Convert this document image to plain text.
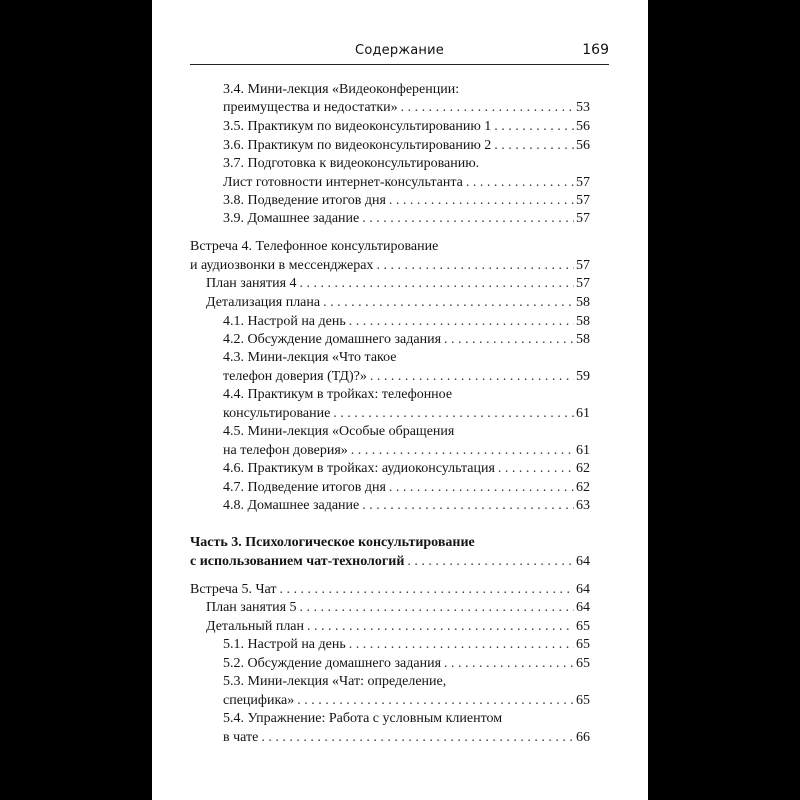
Содержание	169
3.4. Мини-лекция «Видеоконференции:
преимущества и недостатки» . . .	53
3.5. Практикум по видеоконсультированию 1 . . .	56
3.6. Практикум по видеоконсультированию 2 . . .	56
3.7. Подготовка к видеоконсультированию.
Лист готовности интернет-консультанта . . .	57
3.8. Подведение итогов дня . . .	57
3.9. Домашнее задание . . .	57
Встреча 4. Телефонное консультирование
и аудиозвонки в мессенджерах . . .	57
План занятия 4 . . .	57
Детализация плана . . .	58
4.1. Настрой на день . . .	58
4.2. Обсуждение домашнего задания . . .	58
4.3. Мини-лекция «Что такое
телефон доверия (ТД)?» . . .	59
4.4. Практикум в тройках: телефонное
консультирование . . .	61
4.5. Мини-лекция «Особые обращения
на телефон доверия» . . .	61
4.6. Практикум в тройках: аудиоконсультация . . .	62
4.7. Подведение итогов дня . . .	62
4.8. Домашнее задание . . .	63
Часть 3. Психологическое консультирование
с использованием чат-технологий . . .	64
Встреча 5. Чат . . .	64
План занятия 5 . . .	64
Детальный план . . .	65
5.1. Настрой на день . . .	65
5.2. Обсуждение домашнего задания . . .	65
5.3. Мини-лекция «Чат: определение,
специфика» . . .	65
5.4. Упражнение: Работа с условным клиентом
в чате . . .	66
